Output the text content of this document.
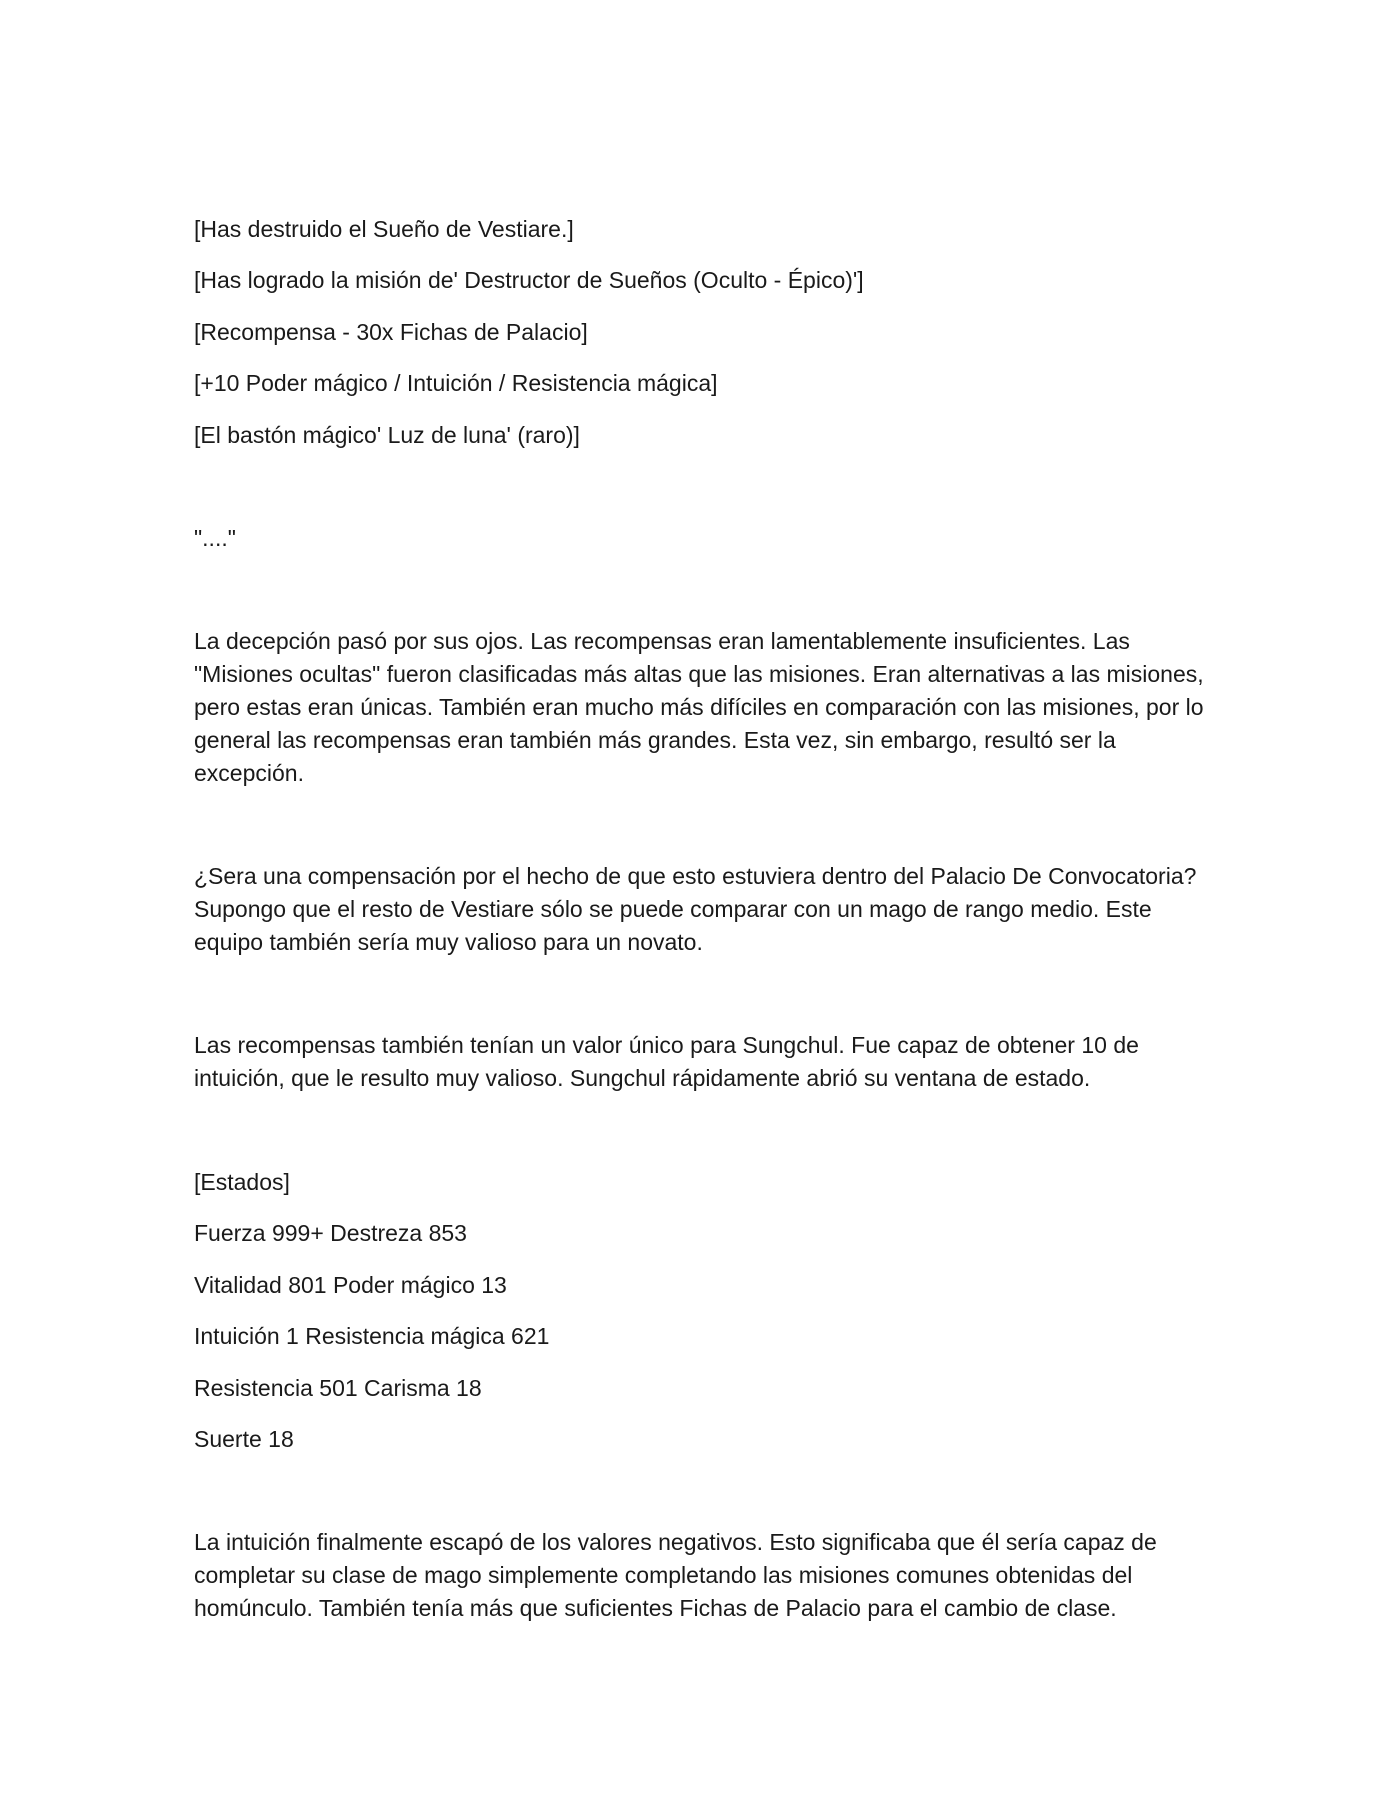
[Has destruido el Sueño de Vestiare.]

[Has logrado la misión de' Destructor de Sueños (Oculto - Épico)']

[Recompensa - 30x Fichas de Palacio]

[+10 Poder mágico / Intuición / Resistencia mágica]

[El bastón mágico' Luz de luna' (raro)]

"...."

La decepción pasó por sus ojos. Las recompensas eran lamentablemente insuficientes. Las "Misiones ocultas" fueron clasificadas más altas que las misiones. Eran alternativas a las misiones, pero estas eran únicas. También eran mucho más difíciles en comparación con las misiones, por lo general las recompensas eran también más grandes. Esta vez, sin embargo, resultó ser la excepción.

¿Sera una compensación por el hecho de que esto estuviera dentro del Palacio De Convocatoria? Supongo que el resto de Vestiare sólo se puede comparar con un mago de rango medio. Este equipo también sería muy valioso para un novato.

Las recompensas también tenían un valor único para Sungchul. Fue capaz de obtener 10 de intuición, que le resulto muy valioso. Sungchul rápidamente abrió su ventana de estado.

[Estados]

Fuerza 999+ Destreza 853

Vitalidad 801 Poder mágico 13

Intuición 1 Resistencia mágica 621

Resistencia 501 Carisma 18

Suerte 18

La intuición finalmente escapó de los valores negativos. Esto significaba que él sería capaz de completar su clase de mago simplemente completando las misiones comunes obtenidas del homúnculo. También tenía más que suficientes Fichas de Palacio para el cambio de clase.
